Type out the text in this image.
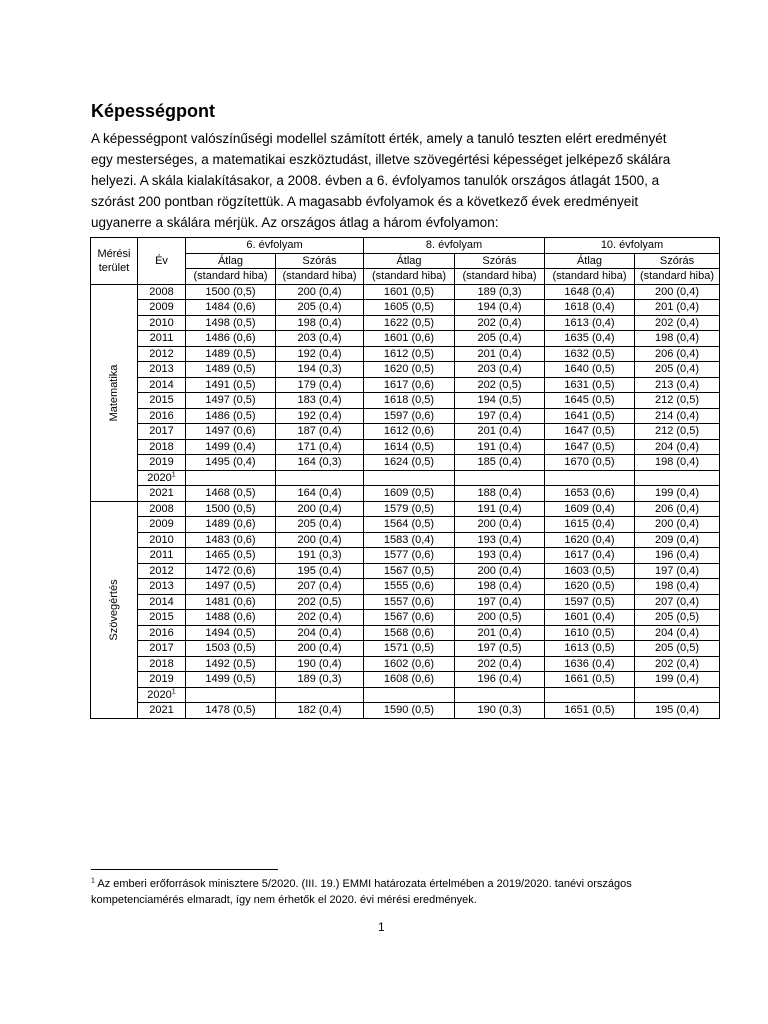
Képességpont
A képességpont valószínűségi modellel számított érték, amely a tanuló teszten elért eredményét egy mesterséges, a matematikai eszköztudást, illetve szövegértési képességet jelképező skálára helyezi. A skála kialakításakor, a 2008. évben a 6. évfolyamos tanulók országos átlagát 1500, a szórást 200 pontban rögzítettük. A magasabb évfolyamok és a következő évek eredményeit ugyanerre a skálára mérjük. Az országos átlag a három évfolyamon:
Mérési terület	Év	6. évfolyam		8. évfolyam		10. évfolyam	
		Átlag	Szórás	Átlag	Szórás	Átlag	Szórás
		(standard hiba)	(standard hiba)	(standard hiba)	(standard hiba)	(standard hiba)	(standard hiba)

Matematika	2008	1500 (0,5)	200 (0,4)	1601 (0,5)	189 (0,3)	1648 (0,4)	200 (0,4)
	2009	1484 (0,6)	205 (0,4)	1605 (0,5)	194 (0,4)	1618 (0,4)	201 (0,4)
	2010	1498 (0,5)	198 (0,4)	1622 (0,5)	202 (0,4)	1613 (0,4)	202 (0,4)
	2011	1486 (0,6)	203 (0,4)	1601 (0,6)	205 (0,4)	1635 (0,4)	198 (0,4)
	2012	1489 (0,5)	192 (0,4)	1612 (0,5)	201 (0,4)	1632 (0,5)	206 (0,4)
	2013	1489 (0,5)	194 (0,3)	1620 (0,5)	203 (0,4)	1640 (0,5)	205 (0,4)
	2014	1491 (0,5)	179 (0,4)	1617 (0,6)	202 (0,5)	1631 (0,5)	213 (0,4)
	2015	1497 (0,5)	183 (0,4)	1618 (0,5)	194 (0,5)	1645 (0,5)	212 (0,5)
	2016	1486 (0,5)	192 (0,4)	1597 (0,6)	197 (0,4)	1641 (0,5)	214 (0,4)
	2017	1497 (0,6)	187 (0,4)	1612 (0,6)	201 (0,4)	1647 (0,5)	212 (0,5)
	2018	1499 (0,4)	171 (0,4)	1614 (0,5)	191 (0,4)	1647 (0,5)	204 (0,4)
	2019	1495 (0,4)	164 (0,3)	1624 (0,5)	185 (0,4)	1670 (0,5)	198 (0,4)
	2020$^1$						
	2021	1468 (0,5)	164 (0,4)	1609 (0,5)	188 (0,4)	1653 (0,6)	199 (0,4)

Szövegértés	2008	1500 (0,5)	200 (0,4)	1579 (0,5)	191 (0,4)	1609 (0,4)	206 (0,4)
	2009	1489 (0,6)	205 (0,4)	1564 (0,5)	200 (0,4)	1615 (0,4)	200 (0,4)
	2010	1483 (0,6)	200 (0,4)	1583 (0,4)	193 (0,4)	1620 (0,4)	209 (0,4)
	2011	1465 (0,5)	191 (0,3)	1577 (0,6)	193 (0,4)	1617 (0,4)	196 (0,4)
	2012	1472 (0,6)	195 (0,4)	1567 (0,5)	200 (0,4)	1603 (0,5)	197 (0,4)
	2013	1497 (0,5)	207 (0,4)	1555 (0,6)	198 (0,4)	1620 (0,5)	198 (0,4)
	2014	1481 (0,6)	202 (0,5)	1557 (0,6)	197 (0,4)	1597 (0,5)	207 (0,4)
	2015	1488 (0,6)	202 (0,4)	1567 (0,6)	200 (0,5)	1601 (0,4)	205 (0,5)
	2016	1494 (0,5)	204 (0,4)	1568 (0,6)	201 (0,4)	1610 (0,5)	204 (0,4)
	2017	1503 (0,5)	200 (0,4)	1571 (0,5)	197 (0,5)	1613 (0,5)	205 (0,5)
	2018	1492 (0,5)	190 (0,4)	1602 (0,6)	202 (0,4)	1636 (0,4)	202 (0,4)
	2019	1499 (0,5)	189 (0,3)	1608 (0,6)	196 (0,4)	1661 (0,5)	199 (0,4)
	2020$^1$						
	2021	1478 (0,5)	182 (0,4)	1590 (0,5)	190 (0,3)	1651 (0,5)	195 (0,4)
$^1$ Az emberi erőforrások minisztere 5/2020. (III. 19.) EMMI határozata értelmében a 2019/2020. tanévi országos kompetenciamérés elmaradt, így nem érhetők el 2020. évi mérési eredmények.
1
